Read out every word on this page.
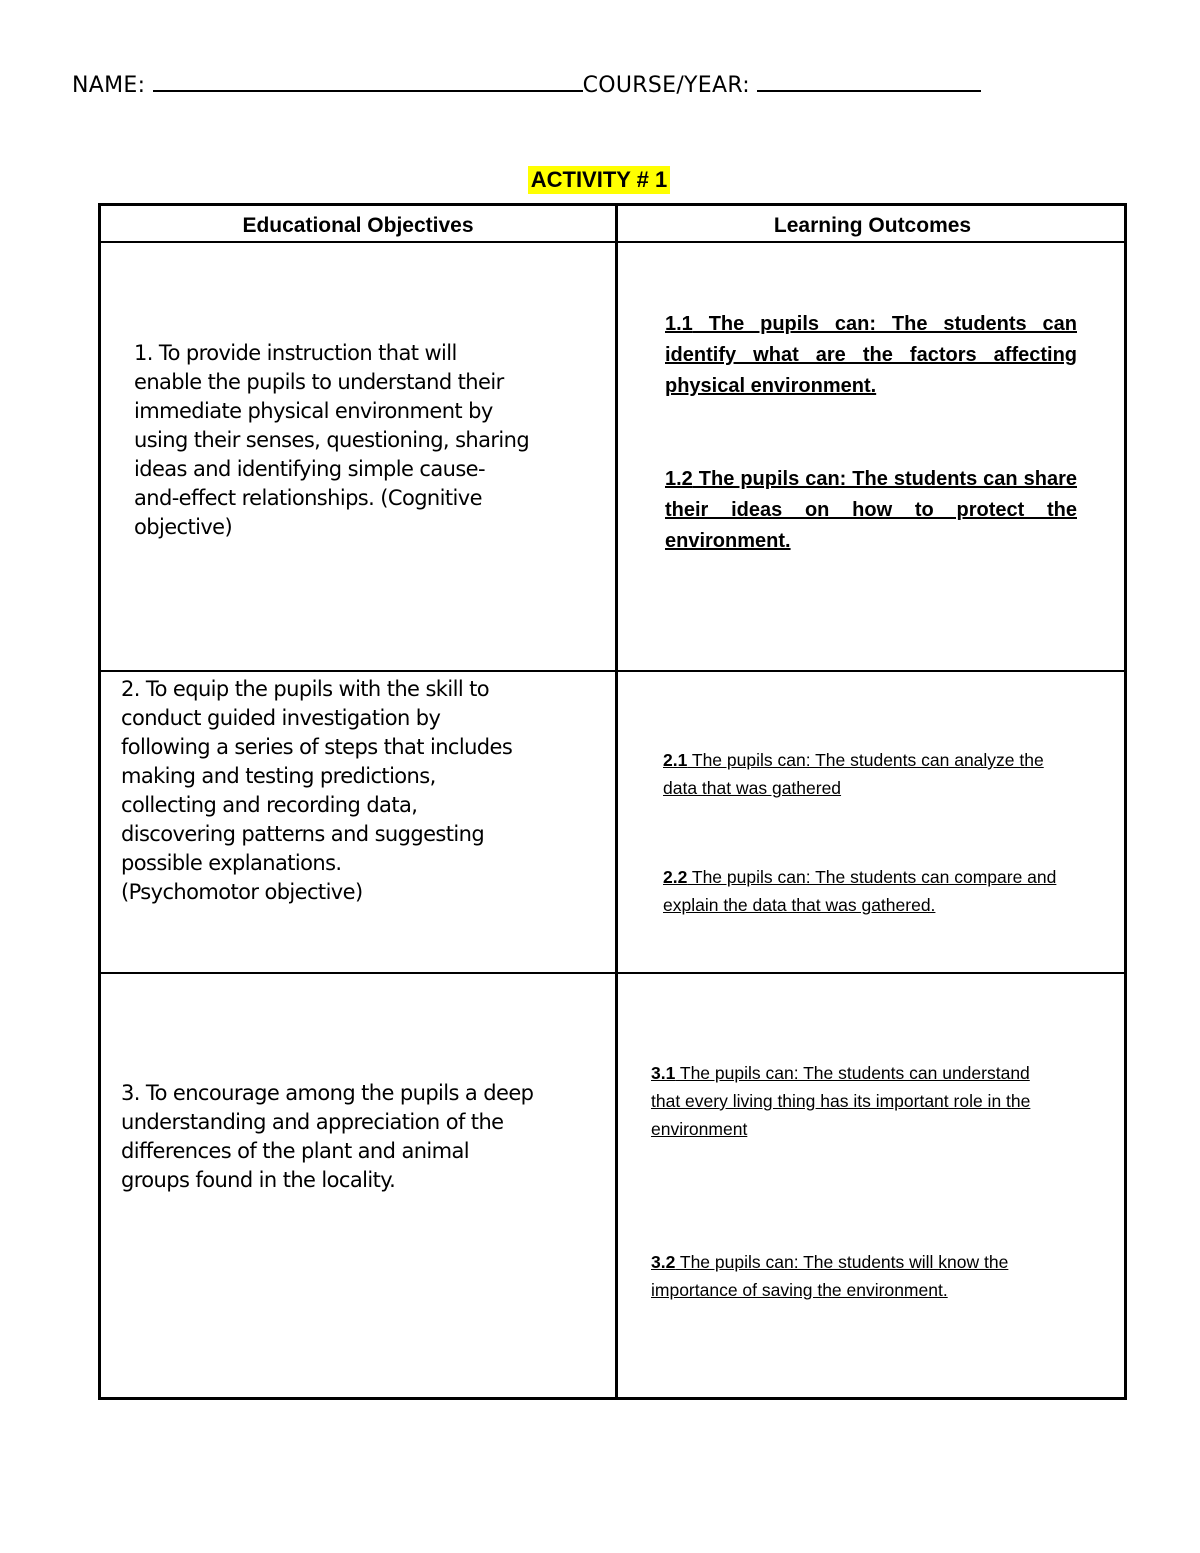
NAME:	COURSE/YEAR:
ACTIVITY # 1
Educational Objectives	Learning Outcomes
1. To provide instruction that will
enable the pupils to understand their
immediate physical environment by
using their senses, questioning, sharing
ideas and identifying simple cause-
and-effect relationships. (Cognitive
objective)
1.1 The pupils can: The students can identify what are the factors affecting physical environment.
1.2 The pupils can: The students can share their ideas on how to protect the environment.
2. To equip the pupils with the skill to
conduct guided investigation by
following a series of steps that includes
making and testing predictions,
collecting and recording data,
discovering patterns and suggesting
possible explanations.
(Psychomotor objective)
2.1 The pupils can: The students can analyze the
data that was gathered
2.2 The pupils can: The students can compare and
explain the data that was gathered.
3. To encourage among the pupils a deep
understanding and appreciation of the
differences of the plant and animal
groups found in the locality.
3.1 The pupils can: The students can understand
that every living thing has its important role in the
environment
3.2 The pupils can: The students will know the
importance of saving the environment.
